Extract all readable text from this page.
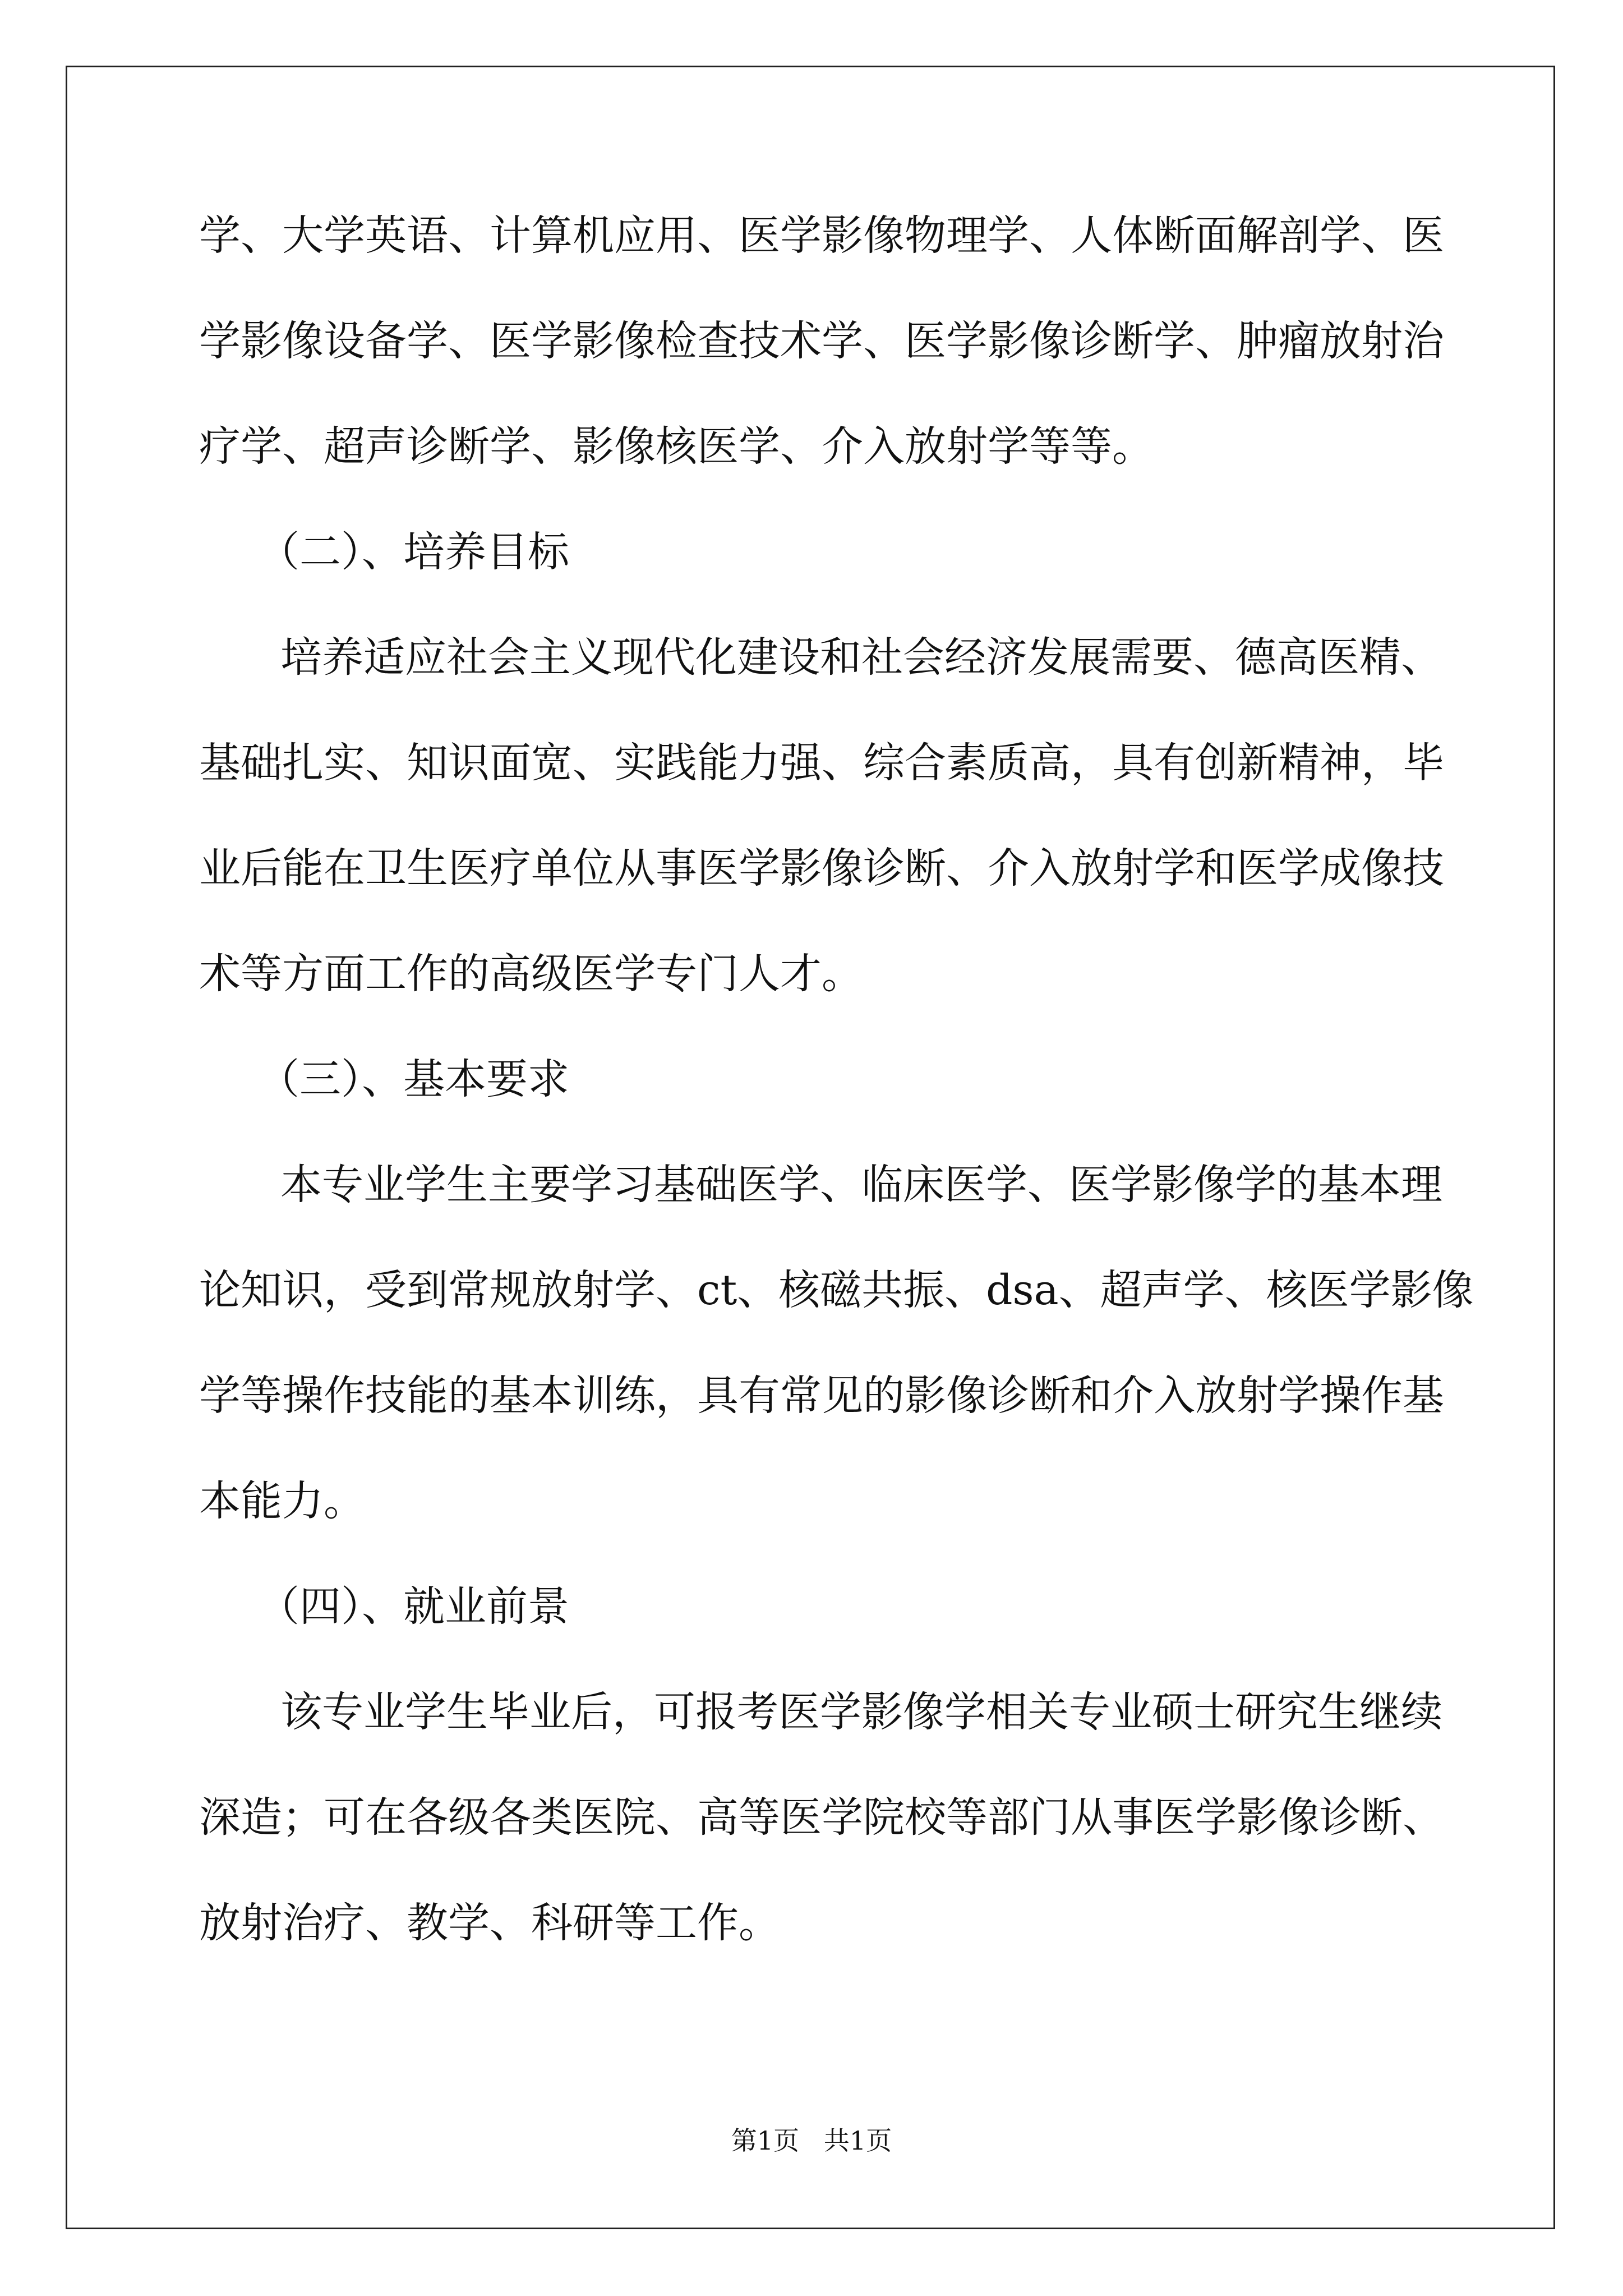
学、大学英语、计算机应用、医学影像物理学、人体断面解剖学、医
学影像设备学、医学影像检查技术学、医学影像诊断学、肿瘤放射治
疗学、超声诊断学、影像核医学、介入放射学等等。
（二）、培养目标
培养适应社会主义现代化建设和社会经济发展需要、德高医精、
基础扎实、知识面宽、实践能力强、综合素质高，具有创新精神，毕
业后能在卫生医疗单位从事医学影像诊断、介入放射学和医学成像技
术等方面工作的高级医学专门人才。
（三）、基本要求
本专业学生主要学习基础医学、临床医学、医学影像学的基本理
论知识，受到常规放射学、ct、核磁共振、dsa、超声学、核医学影像
学等操作技能的基本训练，具有常见的影像诊断和介入放射学操作基
本能力。
（四）、就业前景
该专业学生毕业后，可报考医学影像学相关专业硕士研究生继续
深造；可在各级各类医院、高等医学院校等部门从事医学影像诊断、
放射治疗、教学、科研等工作。
第1页   共1页
